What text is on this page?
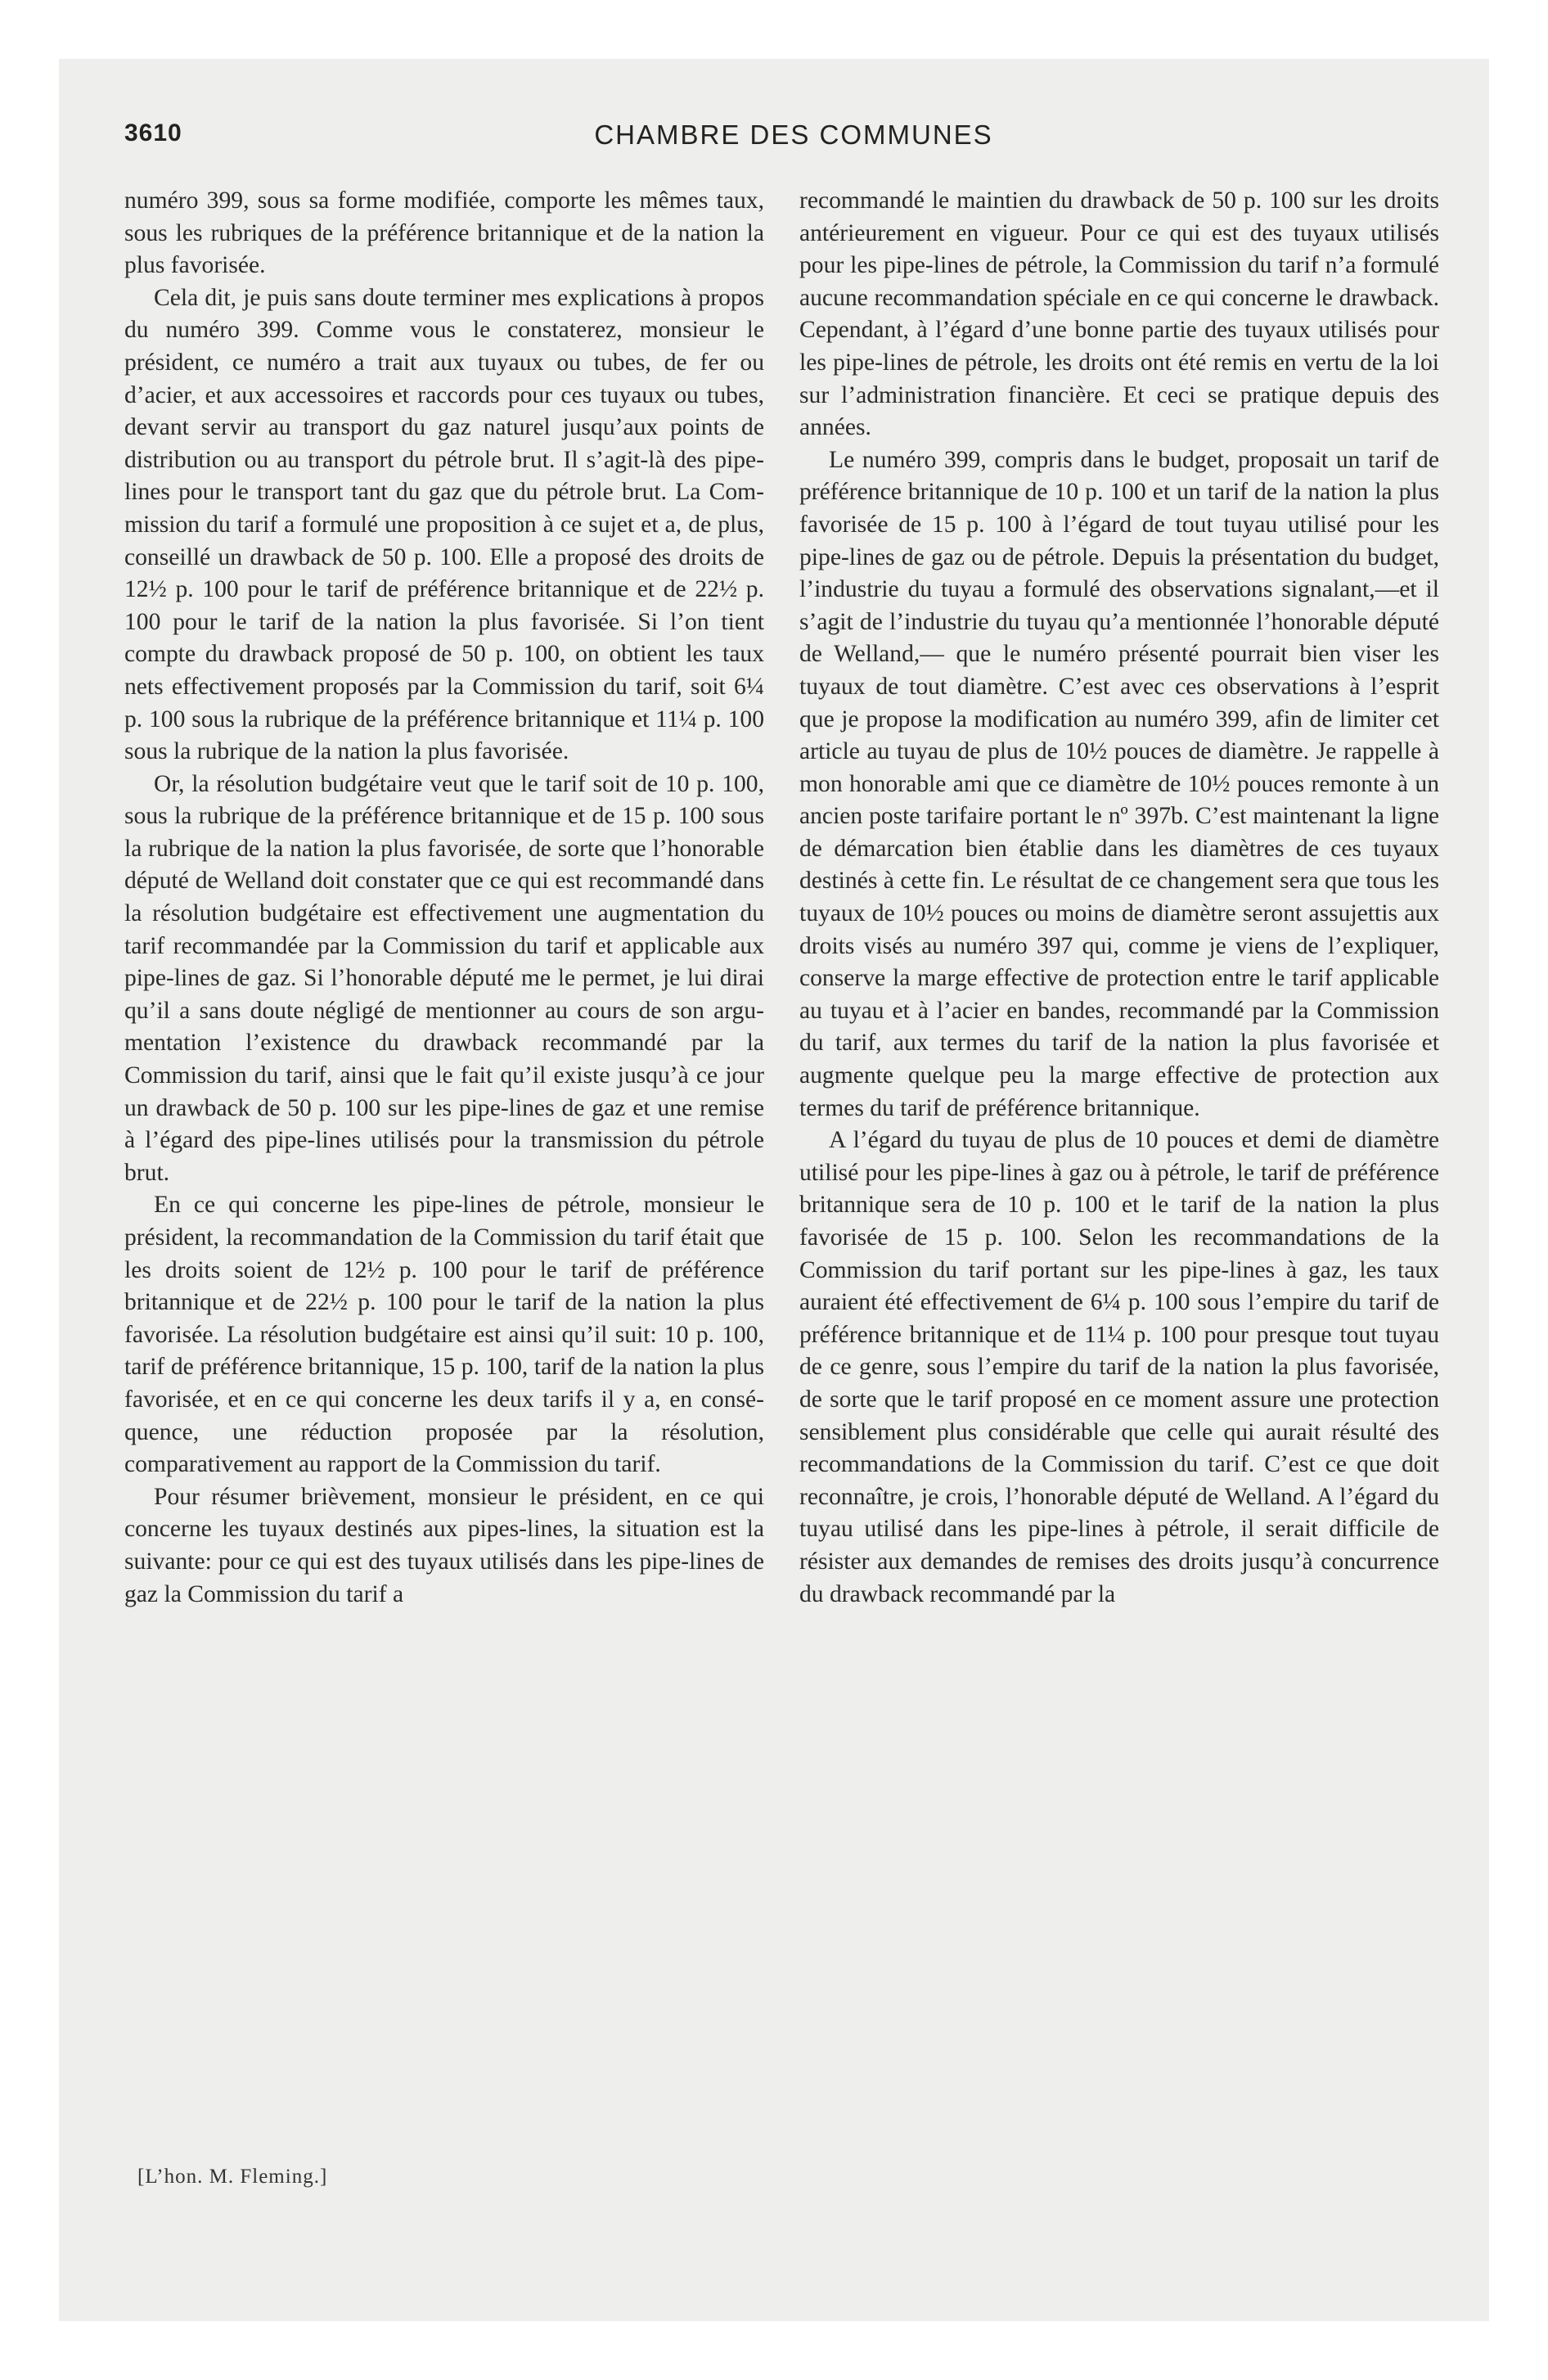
3610	CHAMBRE DES COMMUNES

numéro 399, sous sa forme modifiée, comporte les mêmes taux, sous les rubriques de la préférence britannique et de la nation la plus favorisée.

Cela dit, je puis sans doute terminer mes explications à propos du numéro 399. Comme vous le constaterez, monsieur le président, ce numéro a trait aux tuyaux ou tubes, de fer ou d’acier, et aux accessoires et raccords pour ces tuyaux ou tubes, devant servir au transport du gaz naturel jusqu’aux points de distribution ou au transport du pétrole brut. Il s’agit-là des pipe-lines pour le transport tant du gaz que du pétrole brut. La Commission du tarif a formulé une proposition à ce sujet et a, de plus, conseillé un drawback de 50 p. 100. Elle a proposé des droits de 12½ p. 100 pour le tarif de préférence britannique et de 22½ p. 100 pour le tarif de la nation la plus favorisée. Si l’on tient compte du drawback proposé de 50 p. 100, on obtient les taux nets effectivement proposés par la Commission du tarif, soit 6¼ p. 100 sous la rubrique de la préférence britannique et 11¼ p. 100 sous la rubrique de la nation la plus favorisée.

Or, la résolution budgétaire veut que le tarif soit de 10 p. 100, sous la rubrique de la préférence britannique et de 15 p. 100 sous la rubrique de la nation la plus favorisée, de sorte que l’honorable député de Welland doit constater que ce qui est recommandé dans la résolution budgétaire est effectivement une augmentation du tarif recommandée par la Commission du tarif et applicable aux pipe-lines de gaz. Si l’honorable député me le permet, je lui dirai qu’il a sans doute négligé de mentionner au cours de son argumentation l’existence du drawback recommandé par la Commission du tarif, ainsi que le fait qu’il existe jusqu’à ce jour un drawback de 50 p. 100 sur les pipe-lines de gaz et une remise à l’égard des pipe-lines utilisés pour la transmission du pétrole brut.

En ce qui concerne les pipe-lines de pétrole, monsieur le président, la recommandation de la Commission du tarif était que les droits soient de 12½ p. 100 pour le tarif de préférence britannique et de 22½ p. 100 pour le tarif de la nation la plus favorisée. La résolution budgétaire est ainsi qu’il suit: 10 p. 100, tarif de préférence britannique, 15 p. 100, tarif de la nation la plus favorisée, et en ce qui concerne les deux tarifs il y a, en conséquence, une réduction proposée par la résolution, comparativement au rapport de la Commission du tarif.

Pour résumer brièvement, monsieur le président, en ce qui concerne les tuyaux destinés aux pipes-lines, la situation est la suivante: pour ce qui est des tuyaux utilisés dans les pipe-lines de gaz la Commission du tarif a

recommandé le maintien du drawback de 50 p. 100 sur les droits antérieurement en vigueur. Pour ce qui est des tuyaux utilisés pour les pipe-lines de pétrole, la Commission du tarif n’a formulé aucune recommandation spéciale en ce qui concerne le drawback. Cependant, à l’égard d’une bonne partie des tuyaux utilisés pour les pipe-lines de pétrole, les droits ont été remis en vertu de la loi sur l’administration financière. Et ceci se pratique depuis des années.

Le numéro 399, compris dans le budget, proposait un tarif de préférence britannique de 10 p. 100 et un tarif de la nation la plus favorisée de 15 p. 100 à l’égard de tout tuyau utilisé pour les pipe-lines de gaz ou de pétrole. Depuis la présentation du budget, l’industrie du tuyau a formulé des observations signalant,—et il s’agit de l’industrie du tuyau qu’a mentionnée l’honorable député de Welland,— que le numéro présenté pourrait bien viser les tuyaux de tout diamètre. C’est avec ces observations à l’esprit que je propose la modification au numéro 399, afin de limiter cet article au tuyau de plus de 10½ pouces de diamètre. Je rappelle à mon honorable ami que ce diamètre de 10½ pouces remonte à un ancien poste tarifaire portant le nº 397b. C’est maintenant la ligne de démarcation bien établie dans les diamètres de ces tuyaux destinés à cette fin. Le résultat de ce changement sera que tous les tuyaux de 10½ pouces ou moins de diamètre seront assujettis aux droits visés au numéro 397 qui, comme je viens de l’expliquer, conserve la marge effective de protection entre le tarif applicable au tuyau et à l’acier en bandes, recommandé par la Commission du tarif, aux termes du tarif de la nation la plus favorisée et augmente quelque peu la marge effective de protection aux termes du tarif de préférence britannique.

A l’égard du tuyau de plus de 10 pouces et demi de diamètre utilisé pour les pipe-lines à gaz ou à pétrole, le tarif de préférence britannique sera de 10 p. 100 et le tarif de la nation la plus favorisée de 15 p. 100. Selon les recommandations de la Commission du tarif portant sur les pipe-lines à gaz, les taux auraient été effectivement de 6¼ p. 100 sous l’empire du tarif de préférence britannique et de 11¼ p. 100 pour presque tout tuyau de ce genre, sous l’empire du tarif de la nation la plus favorisée, de sorte que le tarif proposé en ce moment assure une protection sensiblement plus considérable que celle qui aurait résulté des recommandations de la Commission du tarif. C’est ce que doit reconnaître, je crois, l’honorable député de Welland. A l’égard du tuyau utilisé dans les pipe-lines à pétrole, il serait difficile de résister aux demandes de remises des droits jusqu’à concurrence du drawback recommandé par la

[L’hon. M. Fleming.]
